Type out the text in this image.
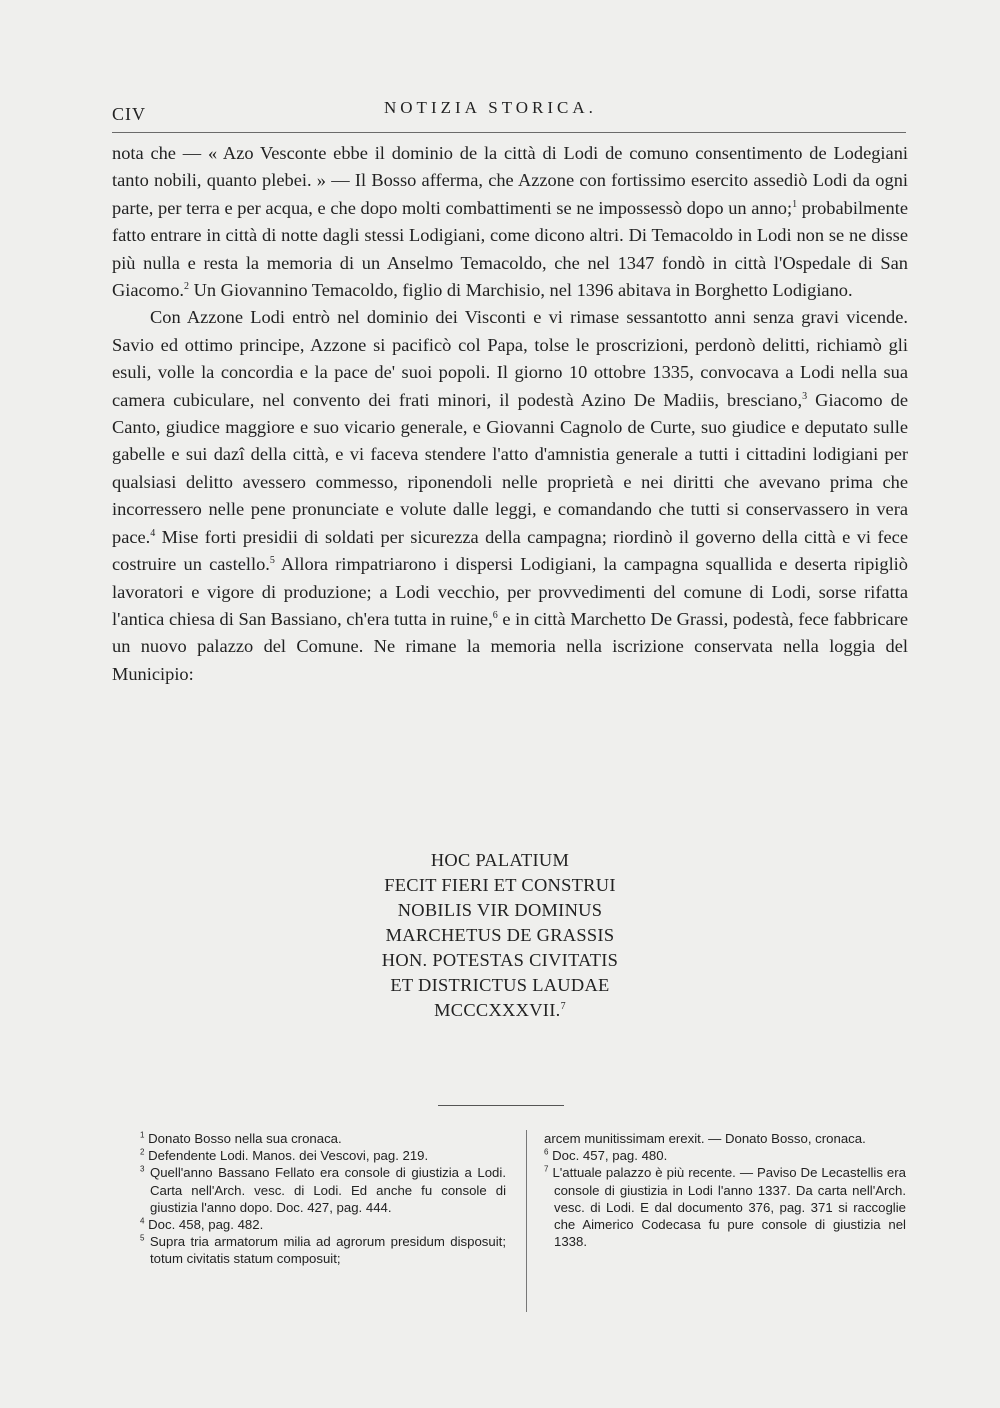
CIV	NOTIZIA STORICA.

nota che — « Azo Vesconte ebbe il dominio de la città di Lodi de comuno consentimento de Lodegiani tanto nobili, quanto plebei. » — Il Bosso afferma, che Azzone con fortissimo esercito assediò Lodi da ogni parte, per terra e per acqua, e che dopo molti combattimenti se ne impossessò dopo un anno;$^1$ probabilmente fatto entrare in città di notte dagli stessi Lodigiani, come dicono altri. Di Temacoldo in Lodi non se ne disse più nulla e resta la memoria di un Anselmo Temacoldo, che nel 1347 fondò in città l'Ospedale di San Giacomo.$^2$ Un Giovannino Temacoldo, figlio di Marchisio, nel 1396 abitava in Borghetto Lodigiano.

Con Azzone Lodi entrò nel dominio dei Visconti e vi rimase sessantotto anni senza gravi vicende. Savio ed ottimo principe, Azzone si pacificò col Papa, tolse le proscrizioni, perdonò delitti, richiamò gli esuli, volle la concordia e la pace de' suoi popoli. Il giorno 10 ottobre 1335, convocava a Lodi nella sua camera cubiculare, nel convento dei frati minori, il podestà Azino De Madiis, bresciano,$^3$ Giacomo de Canto, giudice maggiore e suo vicario generale, e Giovanni Cagnolo de Curte, suo giudice e deputato sulle gabelle e sui dazî della città, e vi faceva stendere l'atto d'amnistia generale a tutti i cittadini lodigiani per qualsiasi delitto avessero commesso, riponendoli nelle proprietà e nei diritti che avevano prima che incorressero nelle pene pronunciate e volute dalle leggi, e comandando che tutti si conservassero in vera pace.$^4$ Mise forti presidii di soldati per sicurezza della campagna; riordinò il governo della città e vi fece costruire un castello.$^5$ Allora rimpatriarono i dispersi Lodigiani, la campagna squallida e deserta ripigliò lavoratori e vigore di produzione; a Lodi vecchio, per provvedimenti del comune di Lodi, sorse rifatta l'antica chiesa di San Bassiano, ch'era tutta in ruine,$^6$ e in città Marchetto De Grassi, podestà, fece fabbricare un nuovo palazzo del Comune. Ne rimane la memoria nella iscrizione conservata nella loggia del Municipio:

HOC PALATIUM
FECIT FIERI ET CONSTRUI
NOBILIS VIR DOMINUS
MARCHETUS DE GRASSIS
HON. POTESTAS CIVITATIS
ET DISTRICTUS LAUDAE
MCCCXXXVII.$^7$

$^1$ Donato Bosso nella sua cronaca.

$^2$ Defendente Lodi. Manos. dei Vescovi, pag. 219.

$^3$ Quell'anno Bassano Fellato era console di giustizia a Lodi. Carta nell'Arch. vesc. di Lodi. Ed anche fu console di giustizia l'anno dopo. Doc. 427, pag. 444.

$^4$ Doc. 458, pag. 482.

$^5$ Supra tria armatorum milia ad agrorum presidum disposuit; totum civitatis statum composuit;

arcem munitissimam erexit. — Donato Bosso, cronaca.

$^6$ Doc. 457, pag. 480.

$^7$ L'attuale palazzo è più recente. — Paviso De Lecastellis era console di giustizia in Lodi l'anno 1337. Da carta nell'Arch. vesc. di Lodi. E dal documento 376, pag. 371 si raccoglie che Aimerico Codecasa fu pure console di giustizia nel 1338.
